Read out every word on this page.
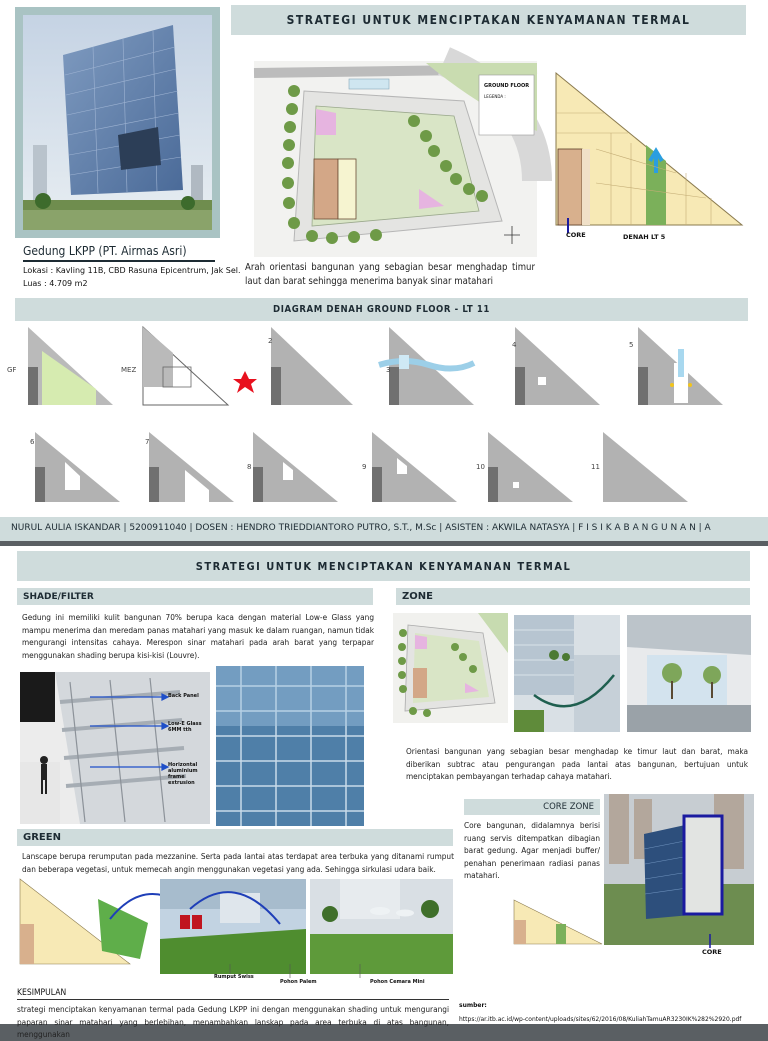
Gedung LKPP (PT. Airmas Asri)
Lokasi : Kavling 11B, CBD Rasuna Epicentrum, Jak Sel.
Luas : 4.709 m2
STRATEGI UNTUK MENCIPTAKAN KENYAMANAN TERMAL
GROUND FLOOR
LEGENDA :
Arah orientasi bangunan yang sebagian besar menghadap timur laut dan barat sehingga menerima banyak sinar matahari
CORE	DENAH LT 5
DIAGRAM DENAH GROUND FLOOR - LT 11
GF	MEZ
2
3
4	5
6	7
8	9	10	11
NURUL AULIA ISKANDAR | 5200911040 | DOSEN : HENDRO TRIEDDIANTORO PUTRO, S.T., M.Sc | ASISTEN : AKWILA NATASYA | F I S I K A B A N G U N A N | A
STRATEGI UNTUK MENCIPTAKAN KENYAMANAN TERMAL
SHADE/FILTER
Gedung ini memiliki kulit bangunan 70% berupa kaca dengan material Low-e Glass yang mampu menerima dan meredam panas matahari yang masuk ke dalam ruangan, namun tidak mengurangi intensitas cahaya. Merespon sinar matahari pada arah barat yang terpapar menggunakan shading berupa kisi-kisi (Louvre).
Back Panel
Low-E Glass 6MM tth
Horizontal aluminium frame extrusion
ZONE
Orientasi bangunan yang sebagian besar menghadap ke timur laut dan barat, maka diberikan subtrac atau pengurangan pada lantai atas bangunan, bertujuan untuk menciptakan pembayangan terhadap cahaya matahari.
CORE ZONE
Core bangunan, didalamnya berisi ruang servis ditempatkan dibagian barat gedung. Agar menjadi buffer/ penahan penerimaan radiasi panas matahari.
CORE
GREEN
Lanscape berupa rerumputan pada mezzanine. Serta pada lantai atas terdapat area terbuka yang ditanami rumput dan beberapa vegetasi, untuk memecah angin menggunakan vegetasi yang ada. Sehingga sirkulasi udara baik.
Rumput Swiss
Pohon Palem	Pohon Cemara Mini
KESIMPULAN
strategi menciptakan kenyamanan termal pada Gedung LKPP ini dengan menggunakan shading untuk mengurangi paparan sinar matahari yang berlebihan, menambahkan lanskap pada area terbuka di atas bangunan, menggunakan
sumber:
https://ar.itb.ac.id/wp-content/uploads/sites/62/2016/08/KuliahTamuAR3230IK%282%2920.pdf
